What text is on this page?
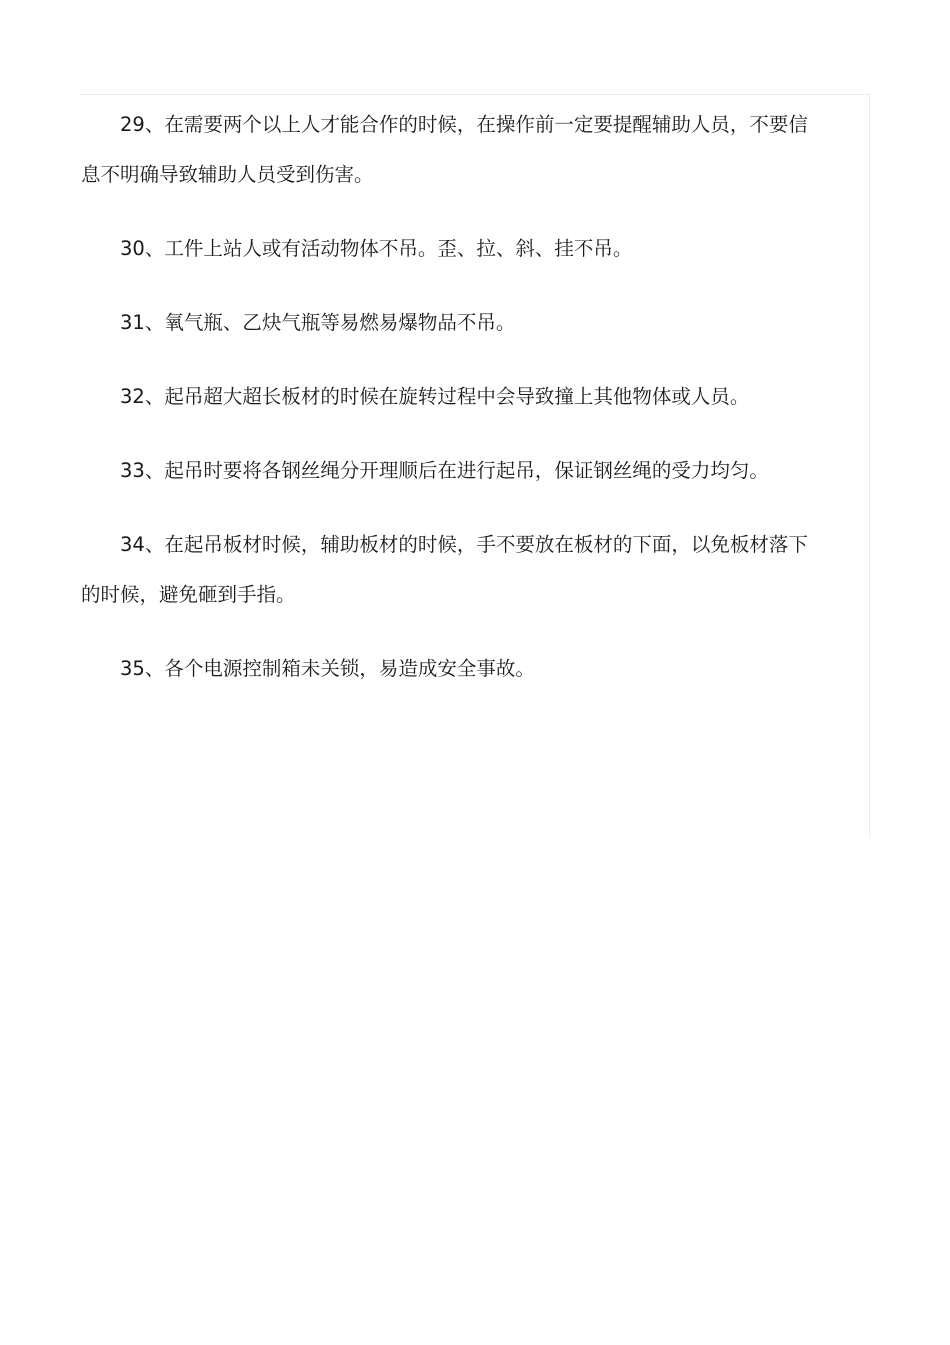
29、在需要两个以上人才能合作的时候，在操作前一定要提醒辅助人员，不要信息不明确导致辅助人员受到伤害。

30、工件上站人或有活动物体不吊。歪、拉、斜、挂不吊。

31、氧气瓶、乙炔气瓶等易燃易爆物品不吊。

32、起吊超大超长板材的时候在旋转过程中会导致撞上其他物体或人员。

33、起吊时要将各钢丝绳分开理顺后在进行起吊，保证钢丝绳的受力均匀。

34、在起吊板材时候，辅助板材的时候，手不要放在板材的下面，以免板材落下的时候，避免砸到手指。

35、各个电源控制箱未关锁，易造成安全事故。
